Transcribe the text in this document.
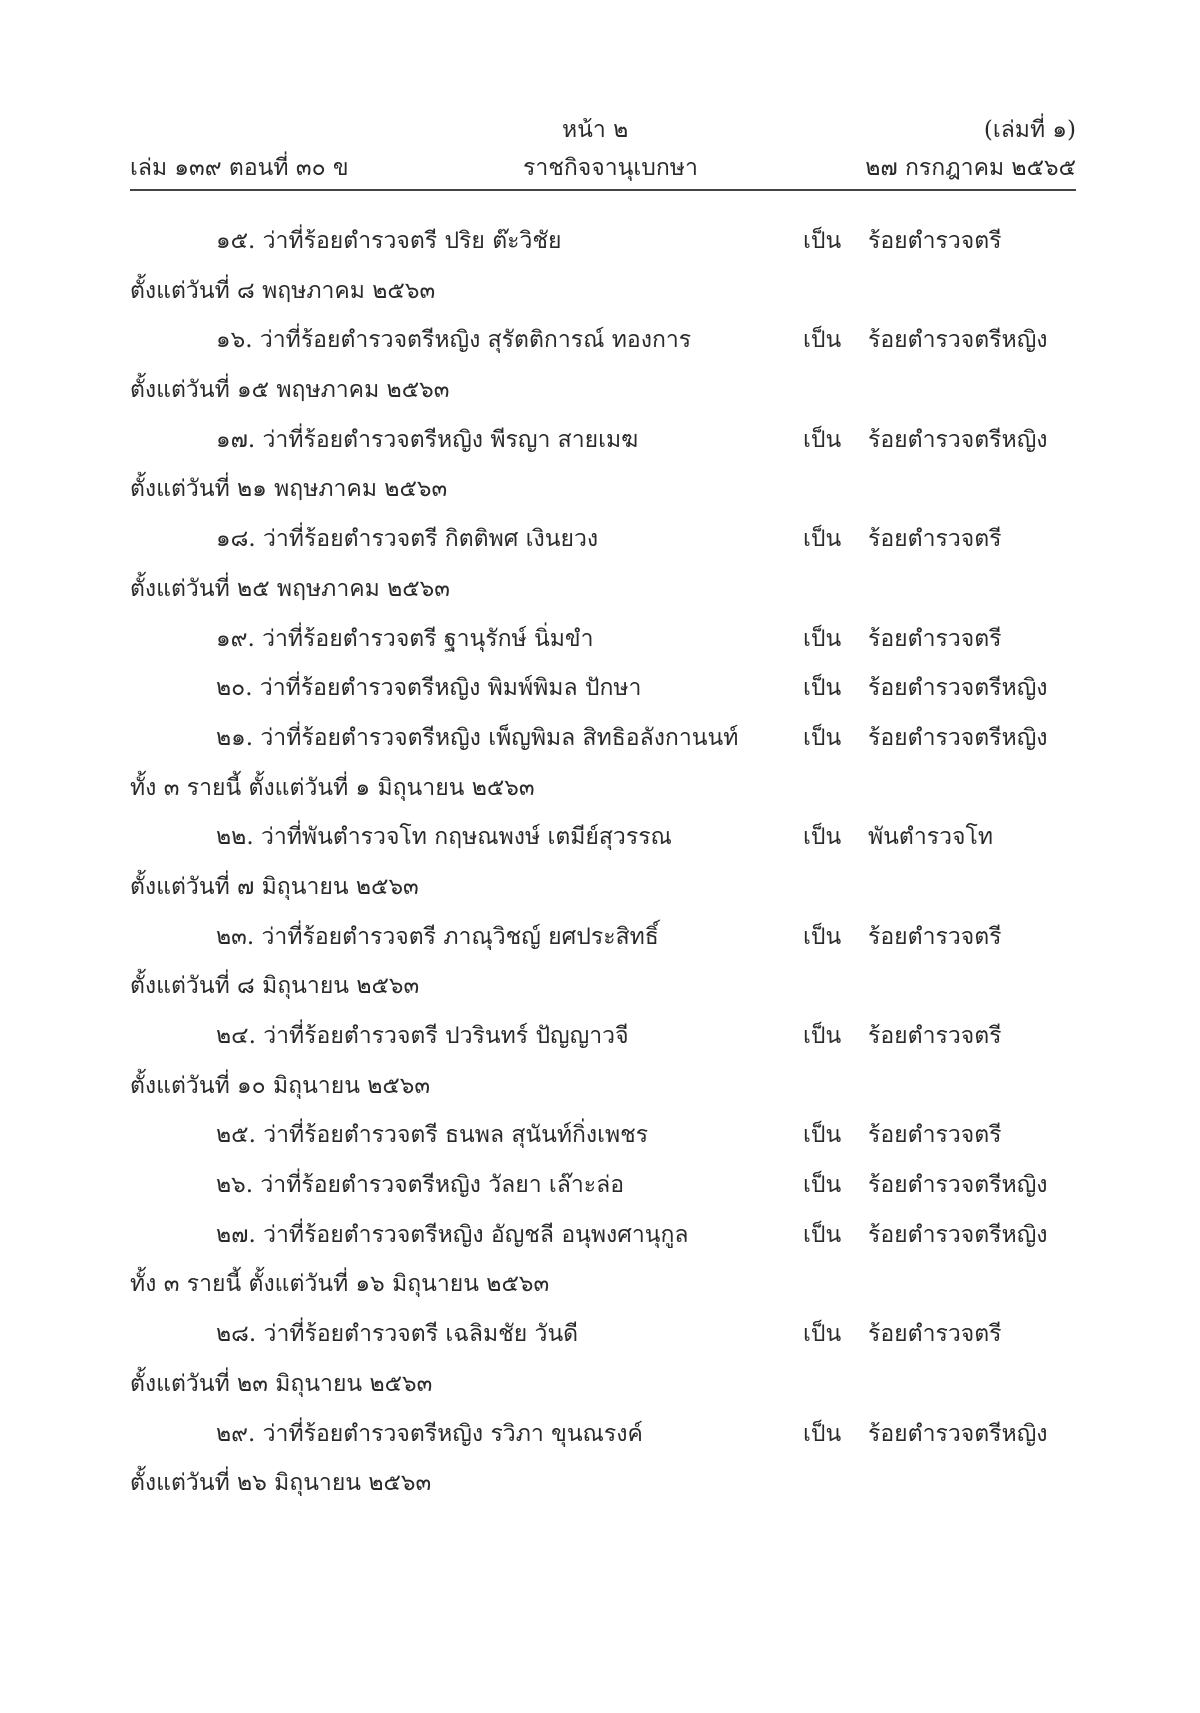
หน้า ๒	(เล่มที่ ๑)
เล่ม ๑๓๙ ตอนที่ ๓๐ ข	ราชกิจจานุเบกษา	๒๗ กรกฎาคม ๒๕๖๕
๑๕. ว่าที่ร้อยตำรวจตรี ปริย ต๊ะวิชัย	เป็น ร้อยตำรวจตรี
ตั้งแต่วันที่ ๘ พฤษภาคม ๒๕๖๓
๑๖. ว่าที่ร้อยตำรวจตรีหญิง สุรัตติการณ์ ทองการ	เป็น ร้อยตำรวจตรีหญิง
ตั้งแต่วันที่ ๑๕ พฤษภาคม ๒๕๖๓
๑๗. ว่าที่ร้อยตำรวจตรีหญิง พีรญา สายเมฆ	เป็น ร้อยตำรวจตรีหญิง
ตั้งแต่วันที่ ๒๑ พฤษภาคม ๒๕๖๓
๑๘. ว่าที่ร้อยตำรวจตรี กิตติพศ เงินยวง	เป็น ร้อยตำรวจตรี
ตั้งแต่วันที่ ๒๕ พฤษภาคม ๒๕๖๓
๑๙. ว่าที่ร้อยตำรวจตรี ฐานุรักษ์ นิ่มขำ	เป็น ร้อยตำรวจตรี
๒๐. ว่าที่ร้อยตำรวจตรีหญิง พิมพ์พิมล ปักษา	เป็น ร้อยตำรวจตรีหญิง
๒๑. ว่าที่ร้อยตำรวจตรีหญิง เพ็ญพิมล สิทธิอลังกานนท์	เป็น ร้อยตำรวจตรีหญิง
ทั้ง ๓ รายนี้ ตั้งแต่วันที่ ๑ มิถุนายน ๒๕๖๓
๒๒. ว่าที่พันตำรวจโท กฤษณพงษ์ เตมีย์สุวรรณ	เป็น พันตำรวจโท
ตั้งแต่วันที่ ๗ มิถุนายน ๒๕๖๓
๒๓. ว่าที่ร้อยตำรวจตรี ภาณุวิชญ์ ยศประสิทธิ์	เป็น ร้อยตำรวจตรี
ตั้งแต่วันที่ ๘ มิถุนายน ๒๕๖๓
๒๔. ว่าที่ร้อยตำรวจตรี ปวรินทร์ ปัญญาวจี	เป็น ร้อยตำรวจตรี
ตั้งแต่วันที่ ๑๐ มิถุนายน ๒๕๖๓
๒๕. ว่าที่ร้อยตำรวจตรี ธนพล สุนันท์กิ่งเพชร	เป็น ร้อยตำรวจตรี
๒๖. ว่าที่ร้อยตำรวจตรีหญิง วัลยา เล๊าะล่อ	เป็น ร้อยตำรวจตรีหญิง
๒๗. ว่าที่ร้อยตำรวจตรีหญิง อัญชลี อนุพงศานุกูล	เป็น ร้อยตำรวจตรีหญิง
ทั้ง ๓ รายนี้ ตั้งแต่วันที่ ๑๖ มิถุนายน ๒๕๖๓
๒๘. ว่าที่ร้อยตำรวจตรี เฉลิมชัย วันดี	เป็น ร้อยตำรวจตรี
ตั้งแต่วันที่ ๒๓ มิถุนายน ๒๕๖๓
๒๙. ว่าที่ร้อยตำรวจตรีหญิง รวิภา ขุนณรงค์	เป็น ร้อยตำรวจตรีหญิง
ตั้งแต่วันที่ ๒๖ มิถุนายน ๒๕๖๓
